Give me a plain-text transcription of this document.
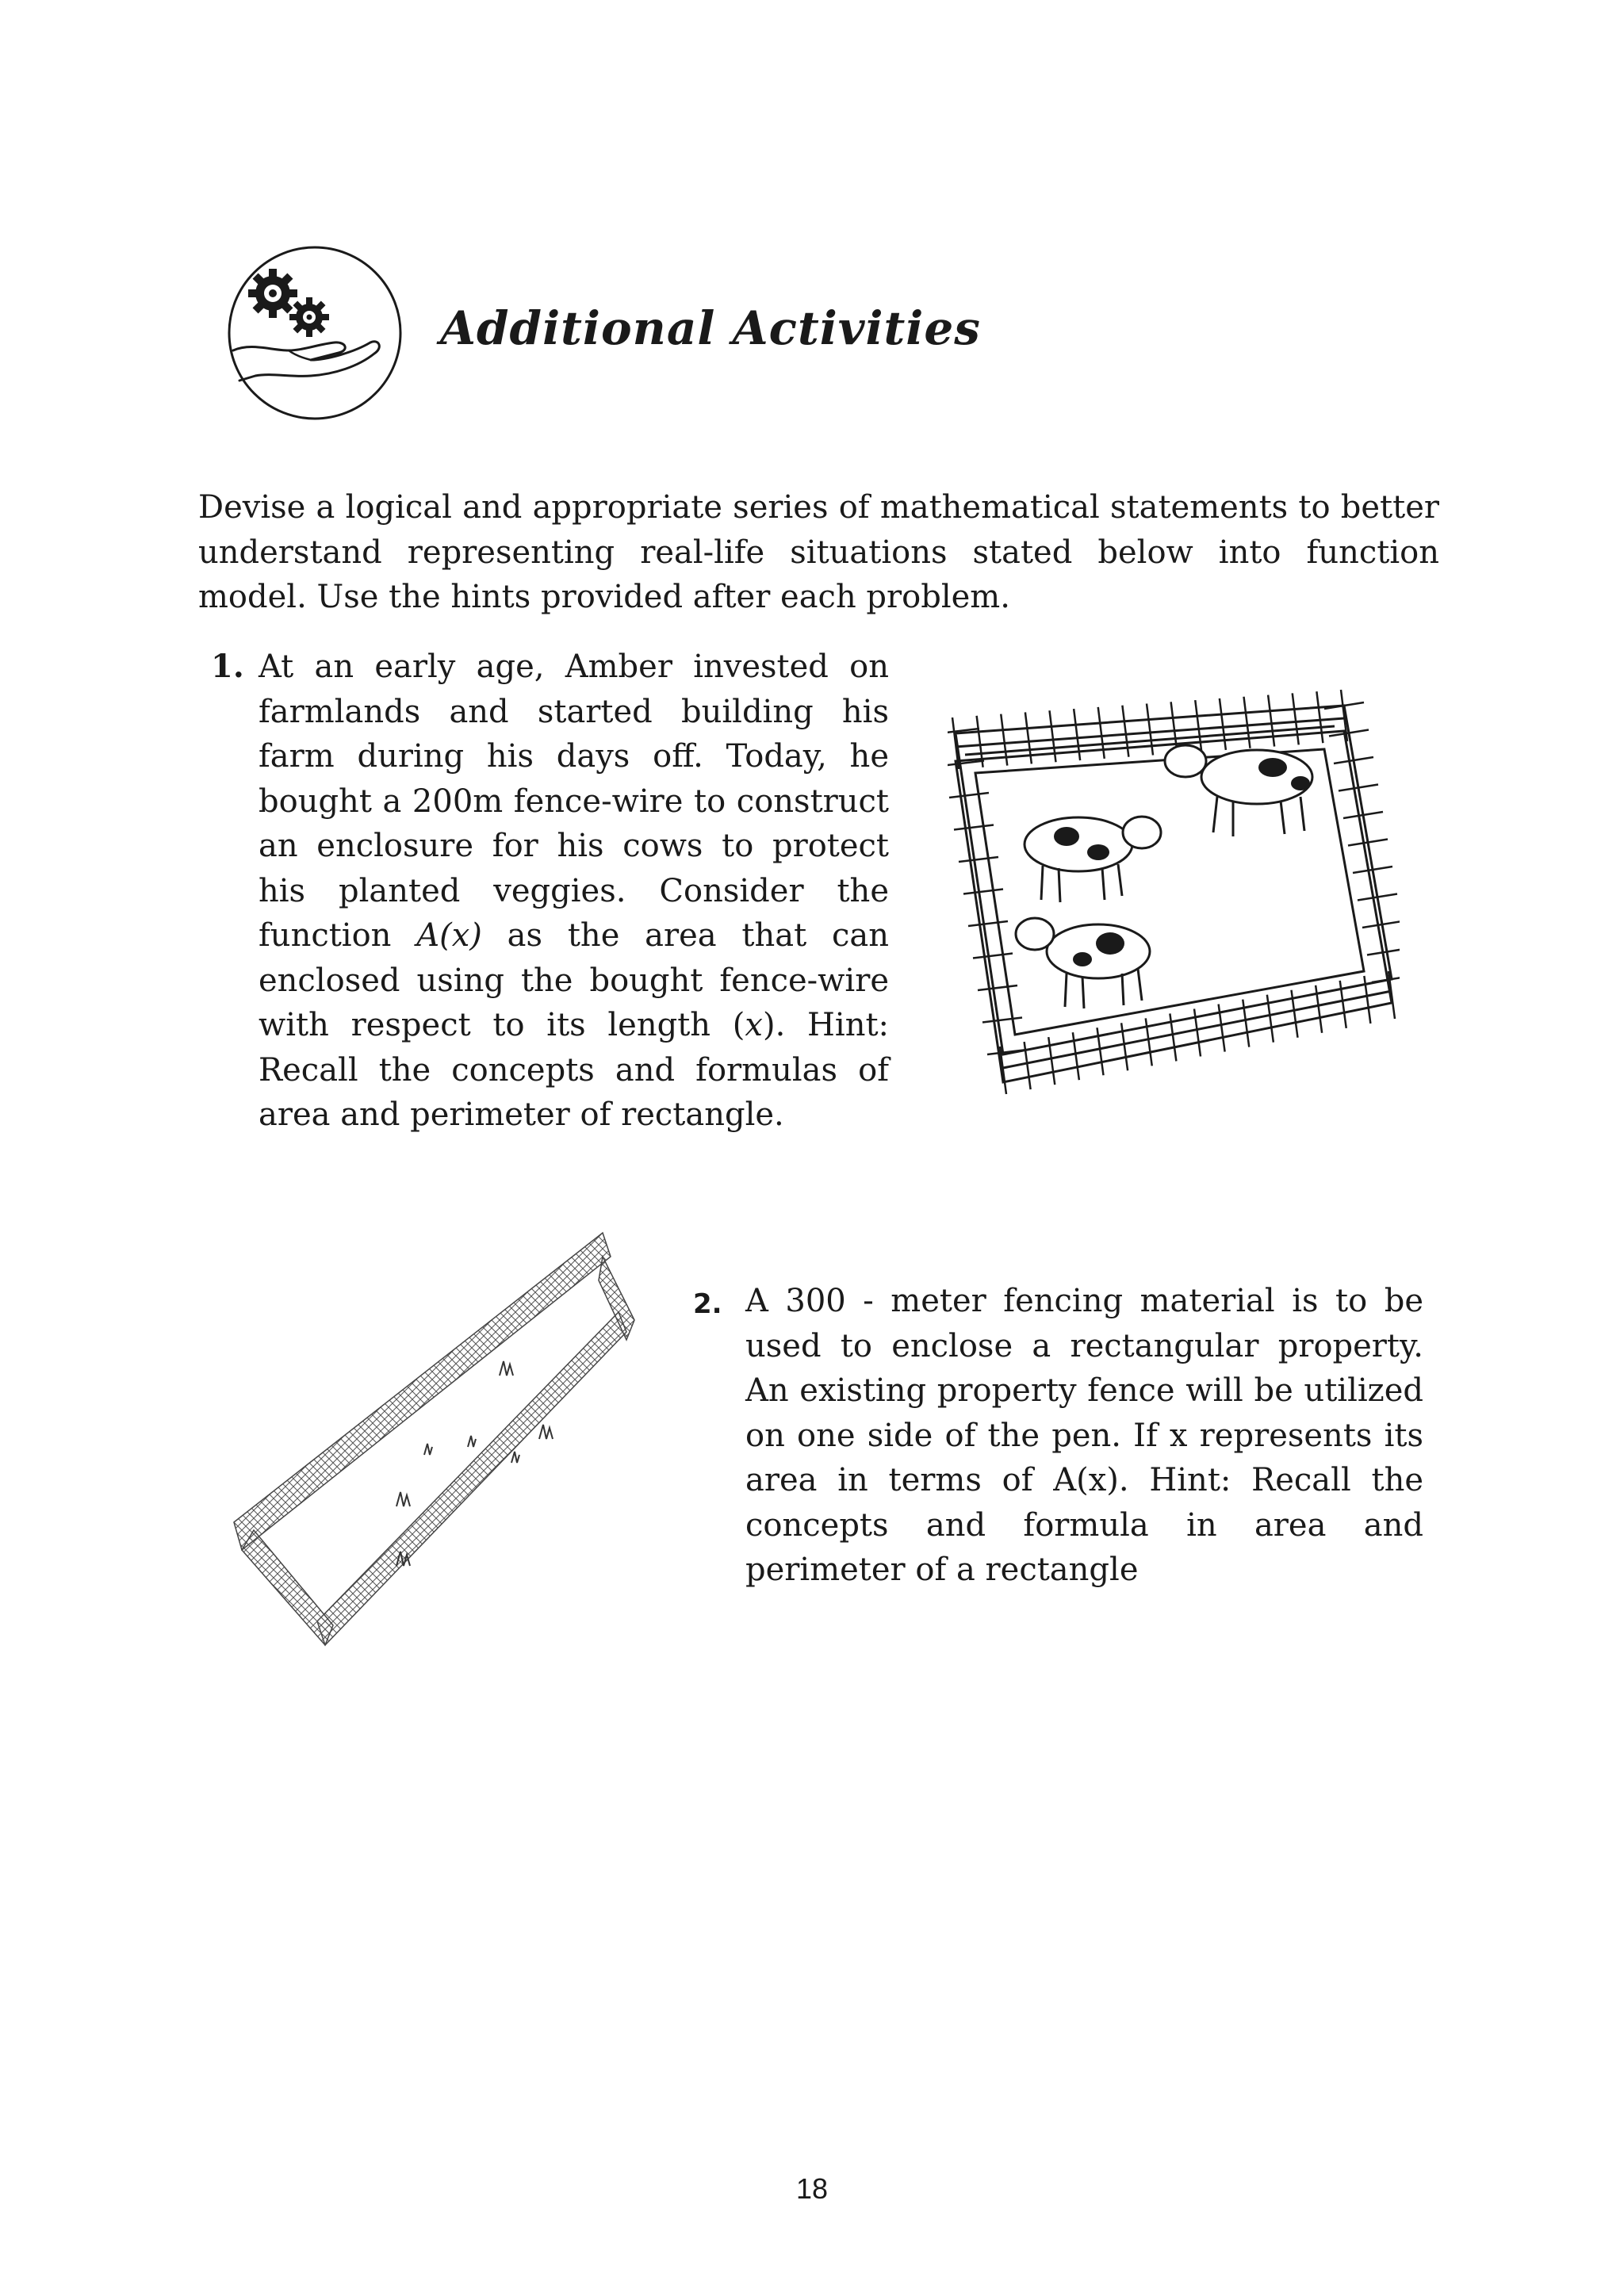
Additional Activities

Devise a logical and appropriate series of mathematical statements to better understand representing real-life situations stated below into function model. Use the hints provided after each problem.

1. At an early age, Amber invested on farmlands and started building his farm during his days off. Today, he bought a 200m fence-wire to construct an enclosure for his cows to protect his planted veggies. Consider the function A(x) as the area that can enclosed using the bought fence-wire with respect to its length (x). Hint: Recall the concepts and formulas of area and perimeter of rectangle.
2. A 300 - meter fencing material is to be used to enclose a rectangular property. An existing property fence will be utilized on one side of the pen. If x represents its area in terms of A(x). Hint: Recall the concepts and formula in area and perimeter of a rectangle
18
